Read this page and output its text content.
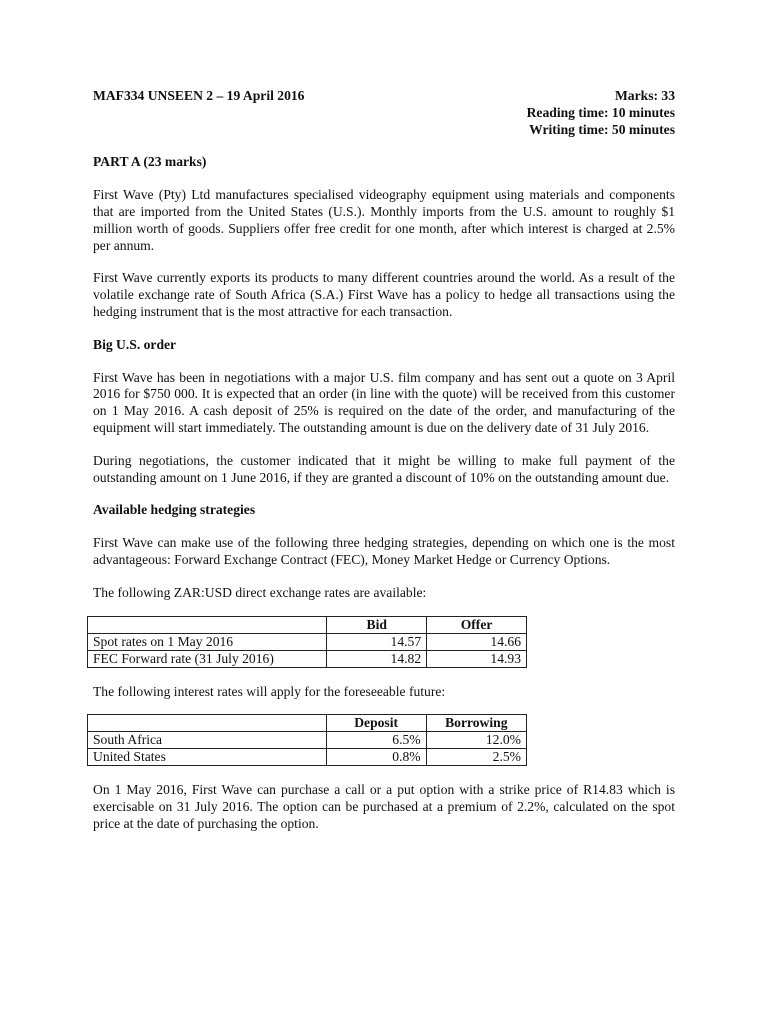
MAF334 UNSEEN 2 – 19 April 2016	Marks: 33
Reading time: 10 minutes
Writing time: 50 minutes
PART A (23 marks)

First Wave (Pty) Ltd manufactures specialised videography equipment using materials and components that are imported from the United States (U.S.). Monthly imports from the U.S. amount to roughly $1 million worth of goods. Suppliers offer free credit for one month, after which interest is charged at 2.5% per annum.

First Wave currently exports its products to many different countries around the world. As a result of the volatile exchange rate of South Africa (S.A.) First Wave has a policy to hedge all transactions using the hedging instrument that is the most attractive for each transaction.

Big U.S. order

First Wave has been in negotiations with a major U.S. film company and has sent out a quote on 3 April 2016 for $750 000. It is expected that an order (in line with the quote) will be received from this customer on 1 May 2016. A cash deposit of 25% is required on the date of the order, and manufacturing of the equipment will start immediately. The outstanding amount is due on the delivery date of 31 July 2016.

During negotiations, the customer indicated that it might be willing to make full payment of the outstanding amount on 1 June 2016, if they are granted a discount of 10% on the outstanding amount due.

Available hedging strategies

First Wave can make use of the following three hedging strategies, depending on which one is the most advantageous: Forward Exchange Contract (FEC), Money Market Hedge or Currency Options.

The following ZAR:USD direct exchange rates are available:

	Bid	Offer
Spot rates on 1 May 2016	14.57	14.66
FEC Forward rate (31 July 2016)	14.82	14.93

The following interest rates will apply for the foreseeable future:

	Deposit	Borrowing
South Africa	6.5%	12.0%
United States	0.8%	2.5%

On 1 May 2016, First Wave can purchase a call or a put option with a strike price of R14.83 which is exercisable on 31 July 2016. The option can be purchased at a premium of 2.2%, calculated on the spot price at the date of purchasing the option.
